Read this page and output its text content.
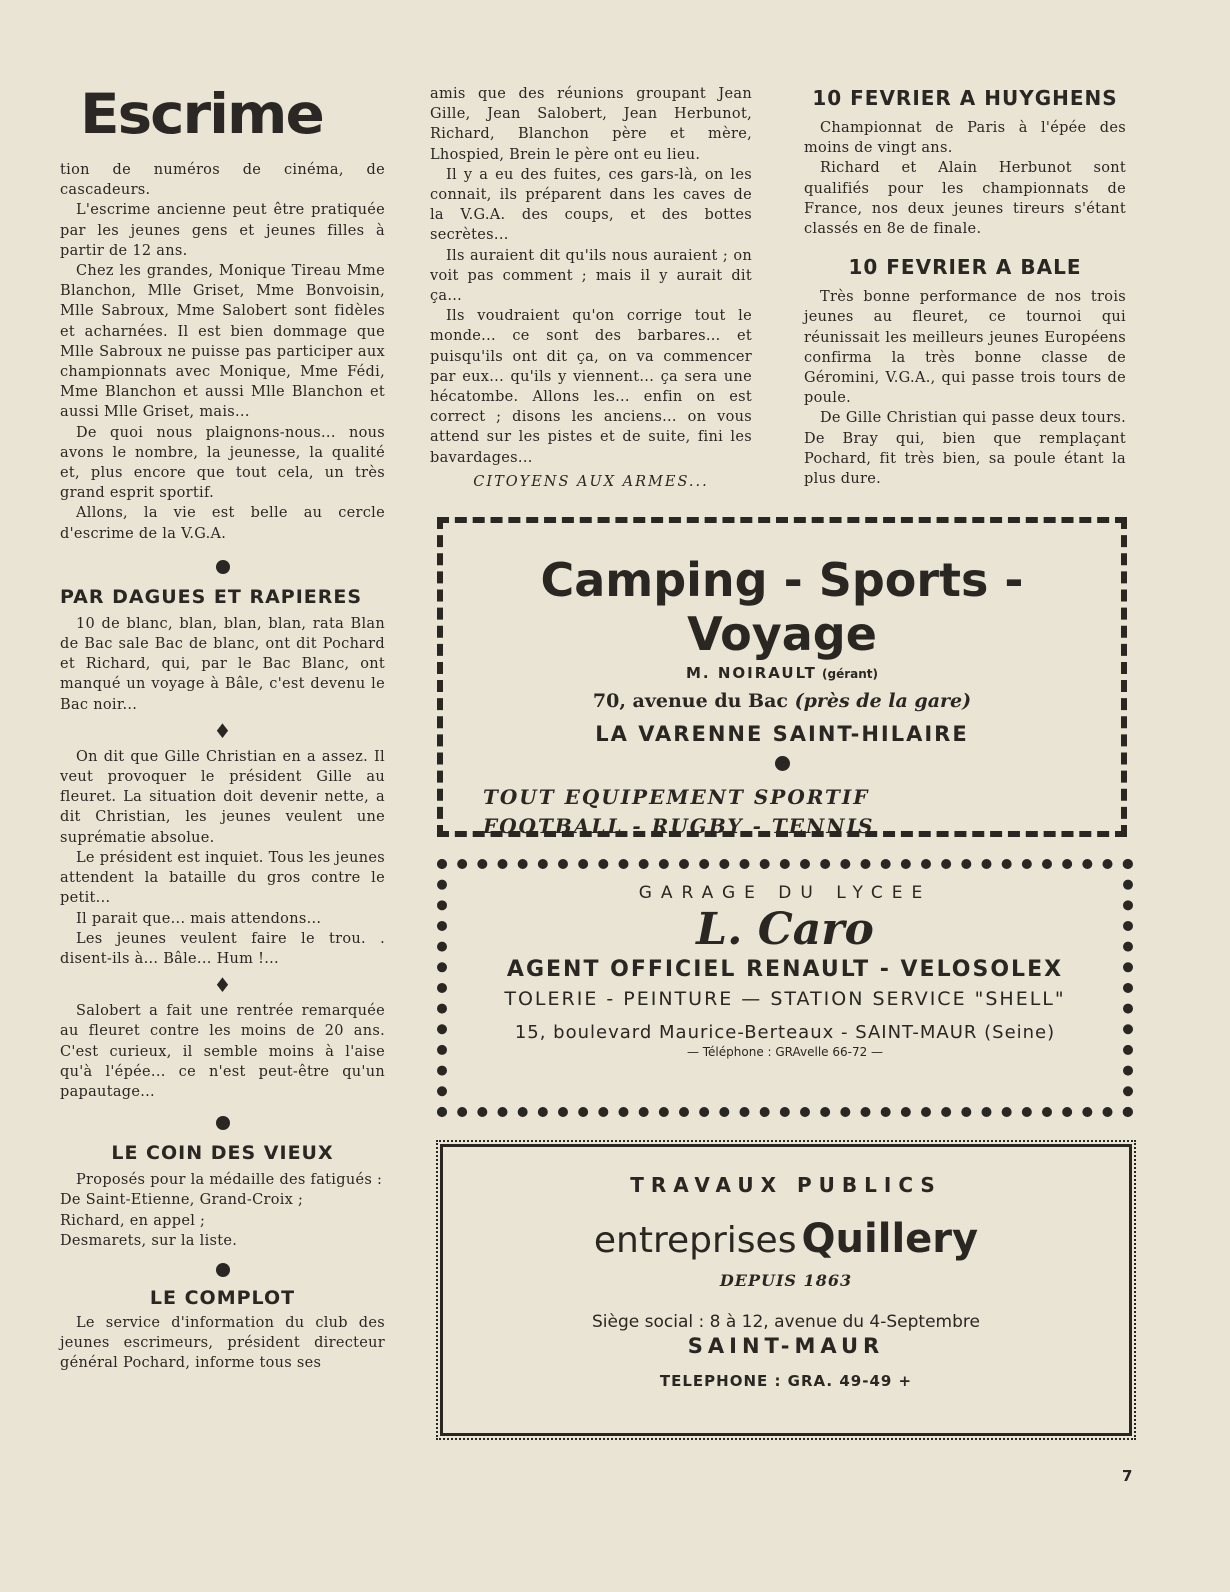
Escrime

tion de numéros de cinéma, de cascadeurs.

L'escrime ancienne peut être pratiquée par les jeunes gens et jeunes filles à partir de 12 ans.

Chez les grandes, Monique Tireau Mme Blanchon, Mlle Griset, Mme Bonvoisin, Mlle Sabroux, Mme Salobert sont fidèles et acharnées. Il est bien dommage que Mlle Sabroux ne puisse pas participer aux championnats avec Monique, Mme Fédi, Mme Blanchon et aussi Mlle Blanchon et aussi Mlle Griset, mais...

De quoi nous plaignons-nous... nous avons le nombre, la jeunesse, la qualité et, plus encore que tout cela, un très grand esprit sportif.

Allons, la vie est belle au cercle d'escrime de la V.G.A.

PAR DAGUES ET RAPIERES

10 de blanc, blan, blan, blan, rata Blan de Bac sale Bac de blanc, ont dit Pochard et Richard, qui, par le Bac Blanc, ont manqué un voyage à Bâle, c'est devenu le Bac noir...

♦

On dit que Gille Christian en a assez. Il veut provoquer le président Gille au fleuret. La situation doit devenir nette, a dit Christian, les jeunes veulent une suprématie absolue.

Le président est inquiet. Tous les jeunes attendent la bataille du gros contre le petit...

Il parait que... mais attendons...

Les jeunes veulent faire le trou. . disent-ils à... Bâle... Hum !...

♦

Salobert a fait une rentrée remarquée au fleuret contre les moins de 20 ans. C'est curieux, il semble moins à l'aise qu'à l'épée... ce n'est peut-être qu'un papautage...

LE COIN DES VIEUX

Proposés pour la médaille des fatigués :

De Saint-Etienne, Grand-Croix ;

Richard, en appel ;

Desmarets, sur la liste.

LE COMPLOT

Le service d'information du club des jeunes escrimeurs, président directeur général Pochard, informe tous ses

amis que des réunions groupant Jean Gille, Jean Salobert, Jean Herbunot, Richard, Blanchon père et mère, Lhospied, Brein le père ont eu lieu.

Il y a eu des fuites, ces gars-là, on les connait, ils préparent dans les caves de la V.G.A. des coups, et des bottes secrètes...

Ils auraient dit qu'ils nous auraient ; on voit pas comment ; mais il y aurait dit ça...

Ils voudraient qu'on corrige tout le monde... ce sont des barbares... et puisqu'ils ont dit ça, on va commencer par eux... qu'ils y viennent... ça sera une hécatombe. Allons les... enfin on est correct ; disons les anciens... on vous attend sur les pistes et de suite, fini les bavardages...

CITOYENS AUX ARMES...
10 FEVRIER A HUYGHENS

Championnat de Paris à l'épée des moins de vingt ans.

Richard et Alain Herbunot sont qualifiés pour les championnats de France, nos deux jeunes tireurs s'étant classés en 8e de finale.

10 FEVRIER A BALE

Très bonne performance de nos trois jeunes au fleuret, ce tournoi qui réunissait les meilleurs jeunes Européens confirma la très bonne classe de Géromini, V.G.A., qui passe trois tours de poule.

De Gille Christian qui passe deux tours. De Bray qui, bien que remplaçant Pochard, fit très bien, sa poule étant la plus dure.

Camping - Sports - Voyage
M. NOIRAULT (gérant)
70, avenue du Bac (près de la gare)
LA VARENNE SAINT-HILAIRE
TOUT EQUIPEMENT SPORTIF
FOOTBALL - RUGBY - TENNIS
GARAGE DU LYCEE
L. Caro
AGENT OFFICIEL RENAULT - VELOSOLEX
TOLERIE - PEINTURE — STATION SERVICE "SHELL"
15, boulevard Maurice-Berteaux - SAINT-MAUR (Seine)
— Téléphone : GRAvelle 66-72 —
TRAVAUX PUBLICS
entreprises Quillery
DEPUIS 1863
Siège social : 8 à 12, avenue du 4-Septembre
SAINT-MAUR
TELEPHONE : GRA. 49-49 +
7
